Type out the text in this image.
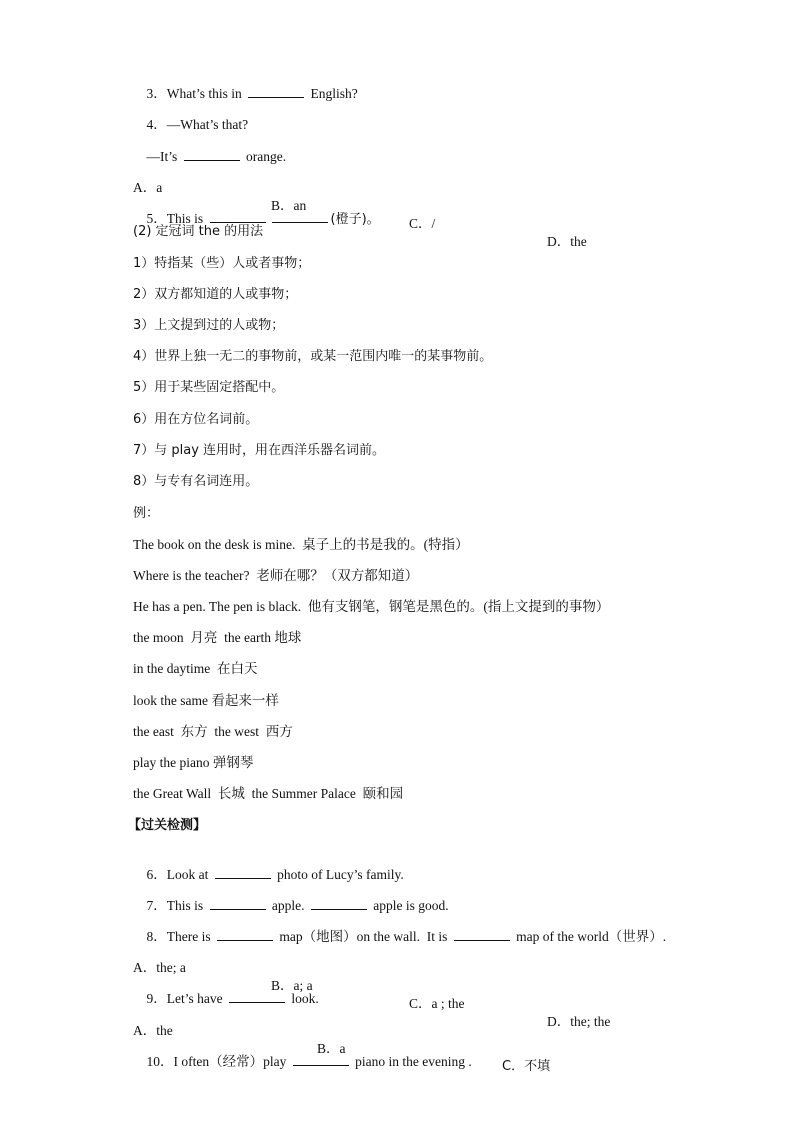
3．What’s this in	English?

4．—What’s that?

—It’s	orange.

A．a

B．an

C．/

D．the

5．This is	(橙子)。

(2) 定冠词 the 的用法
1）特指某（些）人或者事物；
2）双方都知道的人或事物；
3）上文提到过的人或物；
4）世界上独一无二的事物前，或某一范围内唯一的某事物前。
5）用于某些固定搭配中。
6）用在方位名词前。
7）与 play 连用时，用在西洋乐器名词前。
8）与专有名词连用。
例：
The book on the desk is mine.  桌子上的书是我的。(特指）
Where is the teacher?  老师在哪？（双方都知道）
He has a pen. The pen is black.  他有支钢笔，钢笔是黑色的。(指上文提到的事物）
the moon  月亮  the earth 地球
in the daytime  在白天
look the same 看起来一样
the east  东方  the west  西方
play the piano 弹钢琴
the Great Wall  长城  the Summer Palace  颐和园
【过关检测】

6．Look at	photo of Lucy’s family.

7．This is	apple.	apple is good.

8．There is	map（地图）on the wall.  It is	map of the world（世界）.

A．the; a

B．a; a

C．a ; the

D．the; the

9．Let’s have	look.

A．the

B．a

C．不填

10．I often（经常）play	piano in the evening .
